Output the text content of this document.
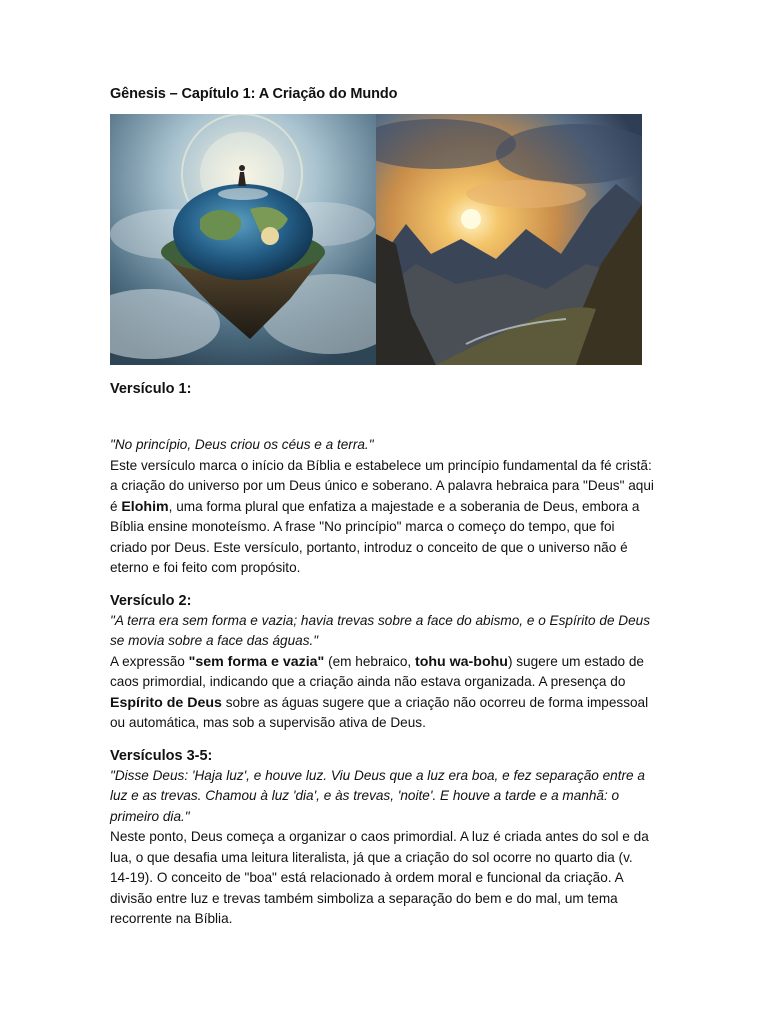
Gênesis – Capítulo 1: A Criação do Mundo
Versículo 1:

"No princípio, Deus criou os céus e a terra."

Este versículo marca o início da Bíblia e estabelece um princípio fundamental da fé cristã: a criação do universo por um Deus único e soberano. A palavra hebraica para "Deus" aqui é Elohim, uma forma plural que enfatiza a majestade e a soberania de Deus, embora a Bíblia ensine monoteísmo. A frase "No princípio" marca o começo do tempo, que foi criado por Deus. Este versículo, portanto, introduz o conceito de que o universo não é eterno e foi feito com propósito.

Versículo 2:

"A terra era sem forma e vazia; havia trevas sobre a face do abismo, e o Espírito de Deus se movia sobre a face das águas."

A expressão "sem forma e vazia" (em hebraico, tohu wa-bohu) sugere um estado de caos primordial, indicando que a criação ainda não estava organizada. A presença do Espírito de Deus sobre as águas sugere que a criação não ocorreu de forma impessoal ou automática, mas sob a supervisão ativa de Deus.

Versículos 3-5:

"Disse Deus: 'Haja luz', e houve luz. Viu Deus que a luz era boa, e fez separação entre a luz e as trevas. Chamou à luz 'dia', e às trevas, 'noite'. E houve a tarde e a manhã: o primeiro dia."

Neste ponto, Deus começa a organizar o caos primordial. A luz é criada antes do sol e da lua, o que desafia uma leitura literalista, já que a criação do sol ocorre no quarto dia (v. 14-19). O conceito de "boa" está relacionado à ordem moral e funcional da criação. A divisão entre luz e trevas também simboliza a separação do bem e do mal, um tema recorrente na Bíblia.
